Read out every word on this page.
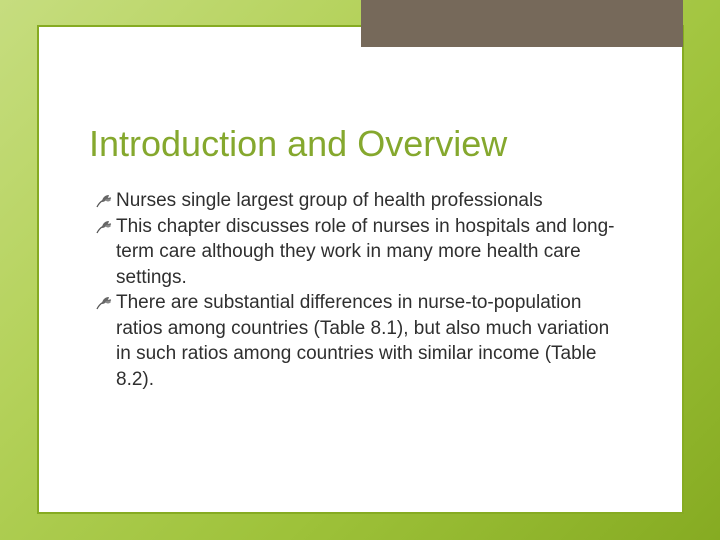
Introduction and Overview
Nurses single largest group of health professionals
This chapter discusses role of nurses in hospitals and long-term care although they work in many more health care settings.
There are substantial differences in nurse-to-population ratios among countries (Table 8.1), but also much variation in such ratios among countries with similar income (Table 8.2).
